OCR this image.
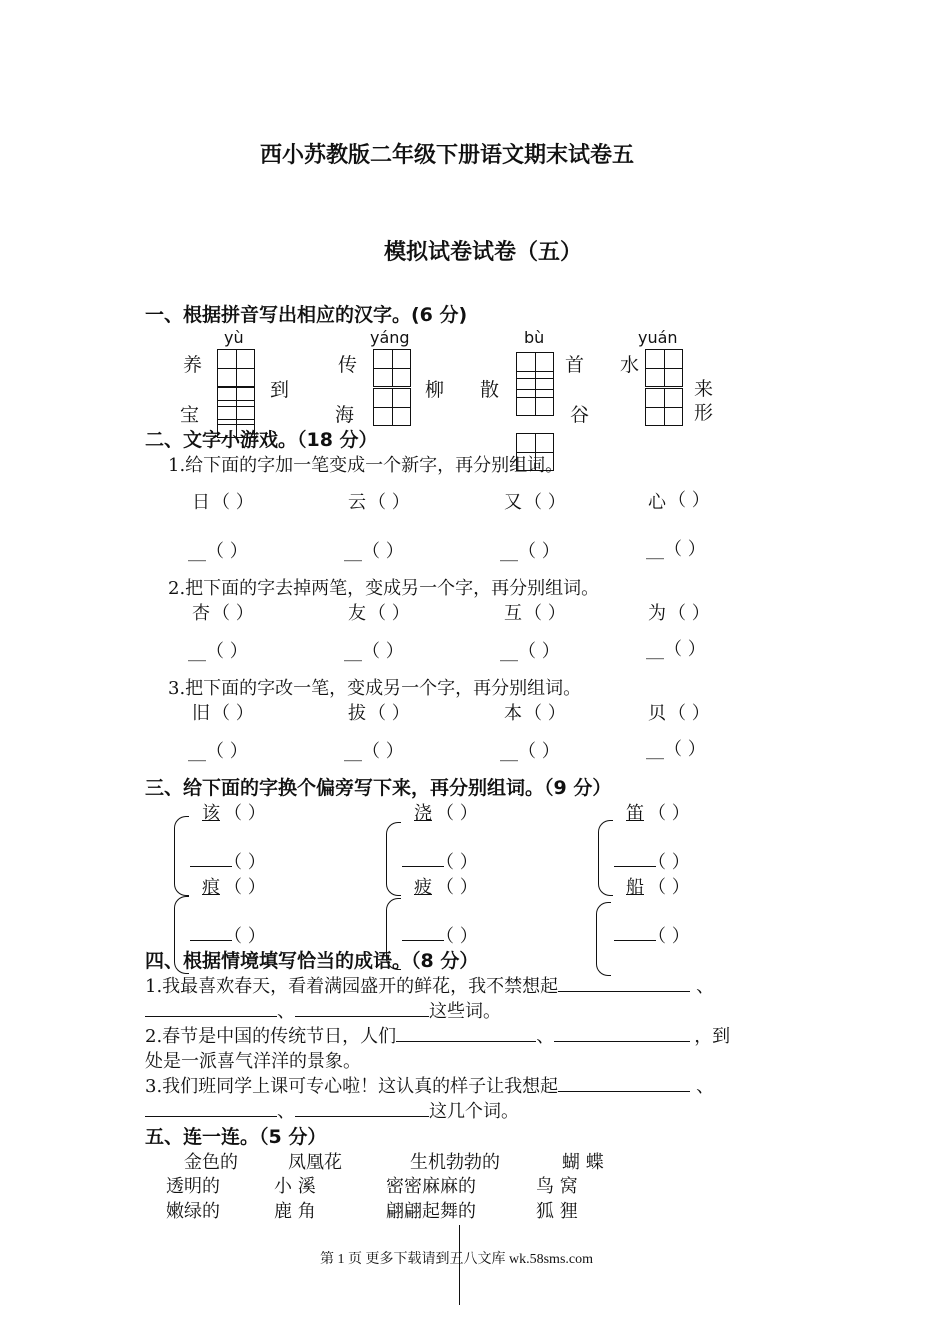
西小苏教版二年级下册语文期末试卷五
模拟试卷试卷（五）
一、根据拼音写出相应的汉字。(6 分)
yù	yáng	bù	yuán
养
宝
到
传
海
柳 散
首
谷
水
来
形
二、文字小游戏。（18 分）
1.给下面的字加一笔变成一个新字，再分别组词。
日 （ ）	云 （ ）	又 （ ）	心 （ ）
__（ ）	__（ ）	__（ ）	__（ ）
2.把下面的字去掉两笔，变成另一个字，再分别组词。
杏 （ ）	友 （ ）	互 （ ）	为 （ ）
__（ ）	__（ ）	__（ ）	__（ ）
3.把下面的字改一笔，变成另一个字，再分别组词。
旧 （ ）	拔 （ ）	本 （ ）	贝 （ ）
__（ ）	__（ ）	__（ ）	__（ ）
三、给下面的字换个偏旁写下来，再分别组词。（9 分）
该 （ ）
（ ）
痕 （ ）
（ ）
浇 （ ）
（ ）
疲 （ ）
（ ）
笛 （ ）
（ ）
船 （ ）
（ ）
四、根据情境填写恰当的成语。（8 分）
1.我最喜欢春天，看着满园盛开的鲜花，我不禁想起	、
、	这些词。
2.春节是中国的传统节日，人们	、	，到
处是一派喜气洋洋的景象。
3.我们班同学上课可专心啦！这认真的样子让我想起	、
、	这几个词。
五、连一连。（5 分）
金色的	凤凰花	生机勃勃的	蝴 蝶
透明的	小 溪	密密麻麻的	鸟 窝
嫩绿的	鹿 角	翩翩起舞的	狐 狸
第 1 页 更多下载请到五八文库 wk.58sms.com
